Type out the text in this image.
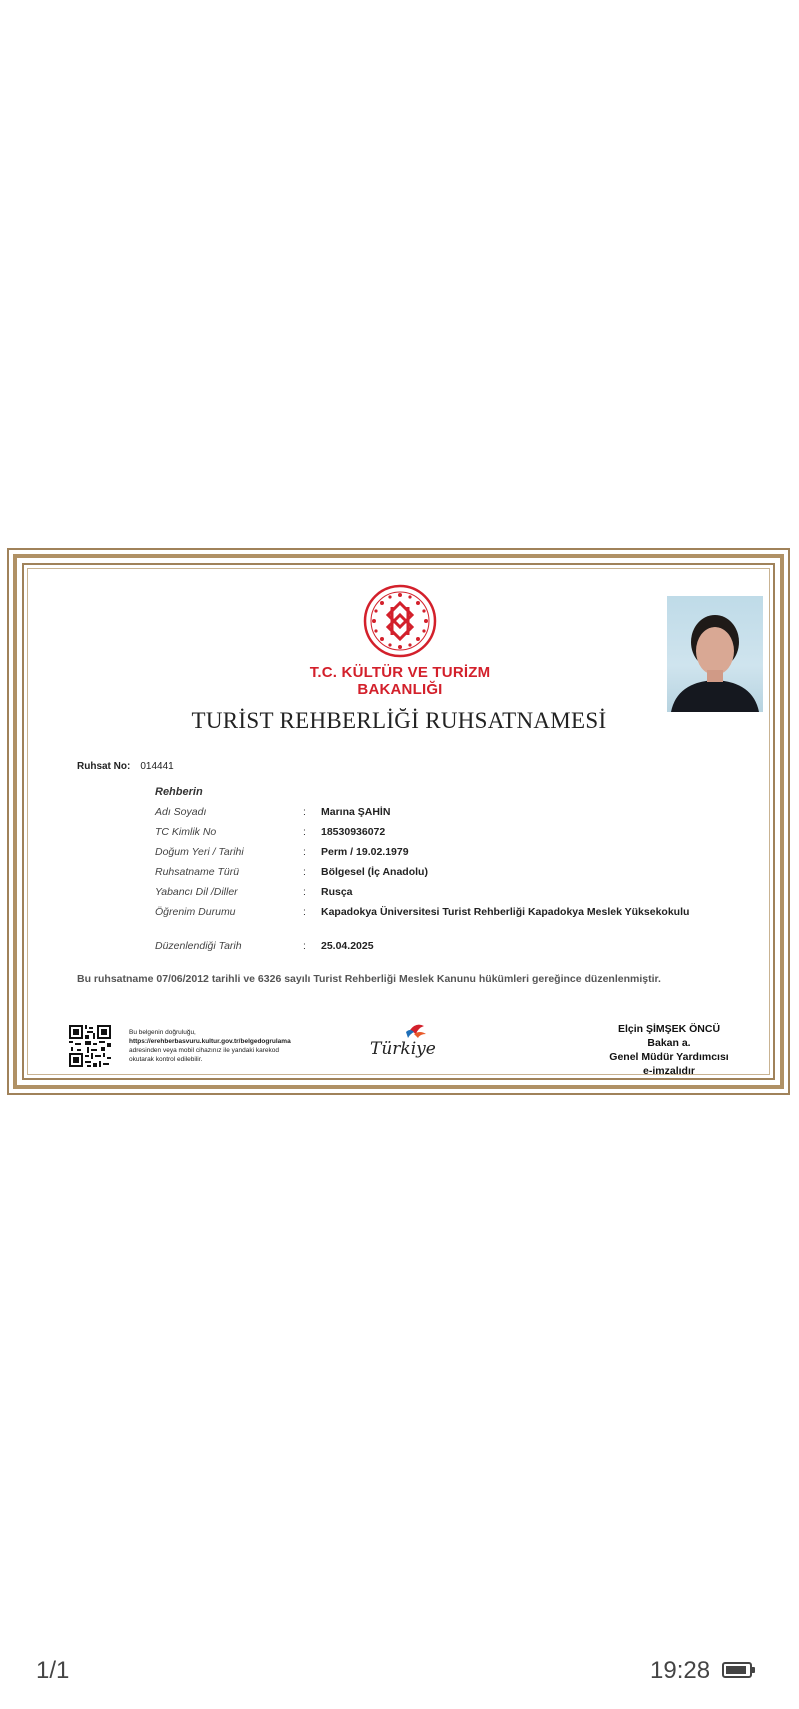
T.C. KÜLTÜR VE TURİZM
BAKANLIĞI
TURİST REHBERLİĞİ RUHSATNAMESİ
Ruhsat No: 014441
Rehberin
Adı Soyadı	: Marına ŞAHİN
TC Kimlik No	: 18530936072
Doğum Yeri / Tarihi	: Perm / 19.02.1979
Ruhsatname Türü	: Bölgesel (İç Anadolu)
Yabancı Dil /Diller	: Rusça
Öğrenim Durumu	: Kapadokya Üniversitesi Turist Rehberliği Kapadokya Meslek Yüksekokulu
Düzenlendiği Tarih	: 25.04.2025
Bu ruhsatname 07/06/2012 tarihli ve 6326 sayılı Turist Rehberliği Meslek Kanunu hükümleri gereğince düzenlenmiştir.
Bu belgenin doğruluğu,
https://erehberbasvuru.kultur.gov.tr/belgedogrulama
adresinden veya mobil cihazınız ile yandaki karekod
okutarak kontrol edilebilir.
Türkiye
Elçin ŞİMŞEK ÖNCÜ
Bakan a.
Genel Müdür Yardımcısı
e-imzalıdır
1/1	19:28
